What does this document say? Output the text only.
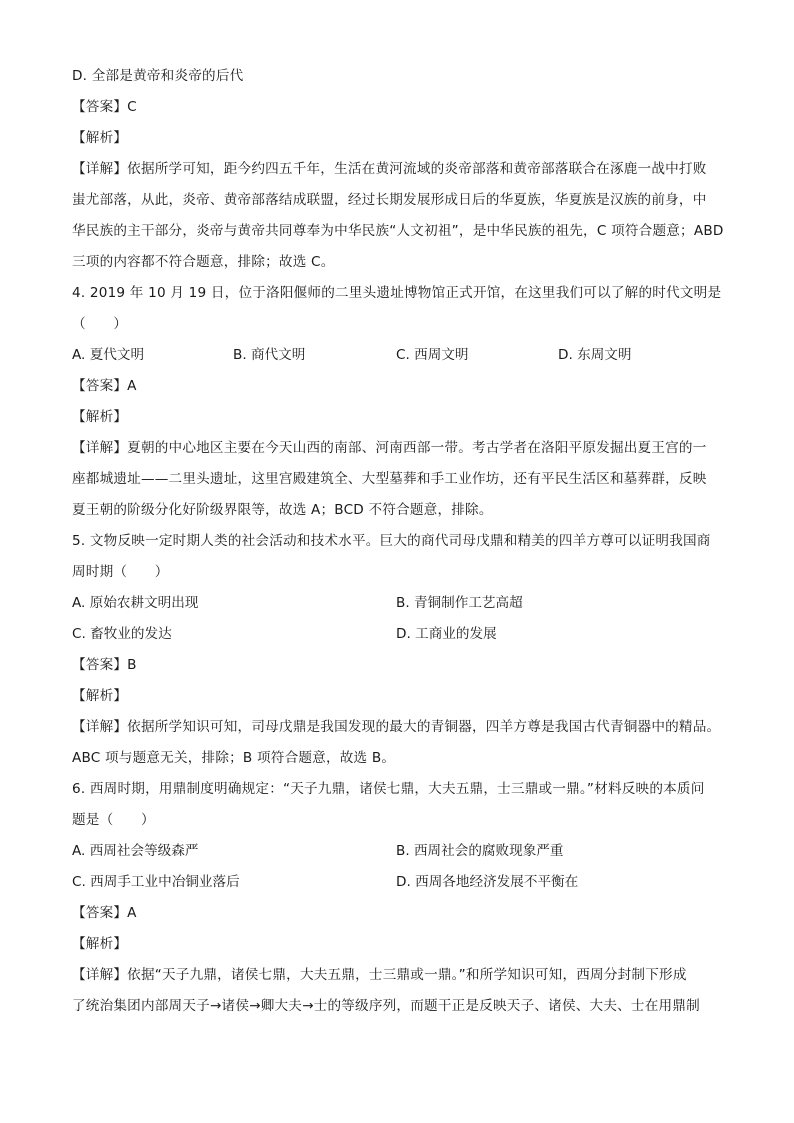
D. 全部是黄帝和炎帝的后代
【答案】C
【解析】
【详解】依据所学可知，距今约四五千年，生活在黄河流域的炎帝部落和黄帝部落联合在涿鹿一战中打败
蚩尤部落，从此，炎帝、黄帝部落结成联盟，经过长期发展形成日后的华夏族，华夏族是汉族的前身，中
华民族的主干部分，炎帝与黄帝共同尊奉为中华民族“人文初祖”，是中华民族的祖先，C 项符合题意；ABD
三项的内容都不符合题意，排除；故选 C。
4. 2019 年 10 月 19 日，位于洛阳偃师的二里头遗址博物馆正式开馆，在这里我们可以了解的时代文明是
（　　）
【答案】A
【解析】
【详解】夏朝的中心地区主要在今天山西的南部、河南西部一带。考古学者在洛阳平原发掘出夏王宫的一
座都城遗址——二里头遗址，这里宫殿建筑全、大型墓葬和手工业作坊，还有平民生活区和墓葬群，反映
夏王朝的阶级分化好阶级界限等，故选 A；BCD 不符合题意，排除。
5. 文物反映一定时期人类的社会活动和技术水平。巨大的商代司母戊鼎和精美的四羊方尊可以证明我国商
周时期（　　）
【答案】B
【解析】
【详解】依据所学知识可知，司母戊鼎是我国发现的最大的青铜器，四羊方尊是我国古代青铜器中的精品。
ABC 项与题意无关，排除；B 项符合题意，故选 B。
6. 西周时期，用鼎制度明确规定：“天子九鼎，诸侯七鼎，大夫五鼎，士三鼎或一鼎。”材料反映的本质问
题是（　　）
【答案】A
【解析】
【详解】依据“天子九鼎，诸侯七鼎，大夫五鼎，士三鼎或一鼎。”和所学知识可知，西周分封制下形成
了统治集团内部周天子→诸侯→卿大夫→士的等级序列，而题干正是反映天子、诸侯、大夫、士在用鼎制
A. 夏代文明	B. 商代文明	C. 西周文明	D. 东周文明
A. 原始农耕文明出现	B. 青铜制作工艺高超
C. 畜牧业的发达	D. 工商业的发展
A. 西周社会等级森严	B. 西周社会的腐败现象严重
C. 西周手工业中冶铜业落后	D. 西周各地经济发展不平衡在
